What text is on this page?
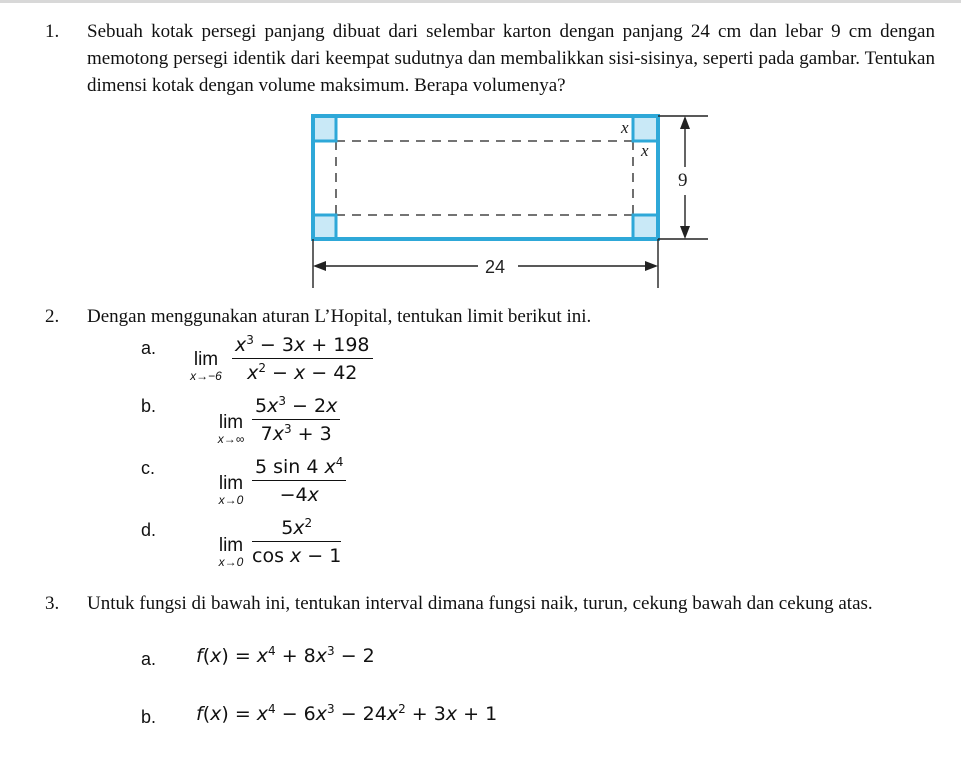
1. Sebuah kotak persegi panjang dibuat dari selembar karton dengan panjang 24 cm dan lebar 9 cm dengan memotong persegi identik dari keempat sudutnya dan membalikkan sisi-sisinya, seperti pada gambar. Tentukan dimensi kotak dengan volume maksimum. Berapa volumenya?
x
x
9
24
2. Dengan menggunakan aturan L’Hopital, tentukan limit berikut ini.
a.
lim
$x\to-6 \frac{x^3 - 3x + 198}{x^2 - x - 42}$
b.
lim
$x\to\infty \frac{5x^3 - 2x}{7x^3 + 3}$
c.
lim
$x\to 0 \frac{5 \sin 4 x^4}{-4x}$
d.
lim
$x\to 0 \frac{5x^2}{\text{cos x − 1}}$
3. Untuk fungsi di bawah ini, tentukan interval dimana fungsi naik, turun, cekung bawah dan cekung atas.
a. $f(x) = x^4 + 8x^3 - 2$
b. $f(x) = x^4 - 6x^3 - 24x^2 + 3x + 1$
